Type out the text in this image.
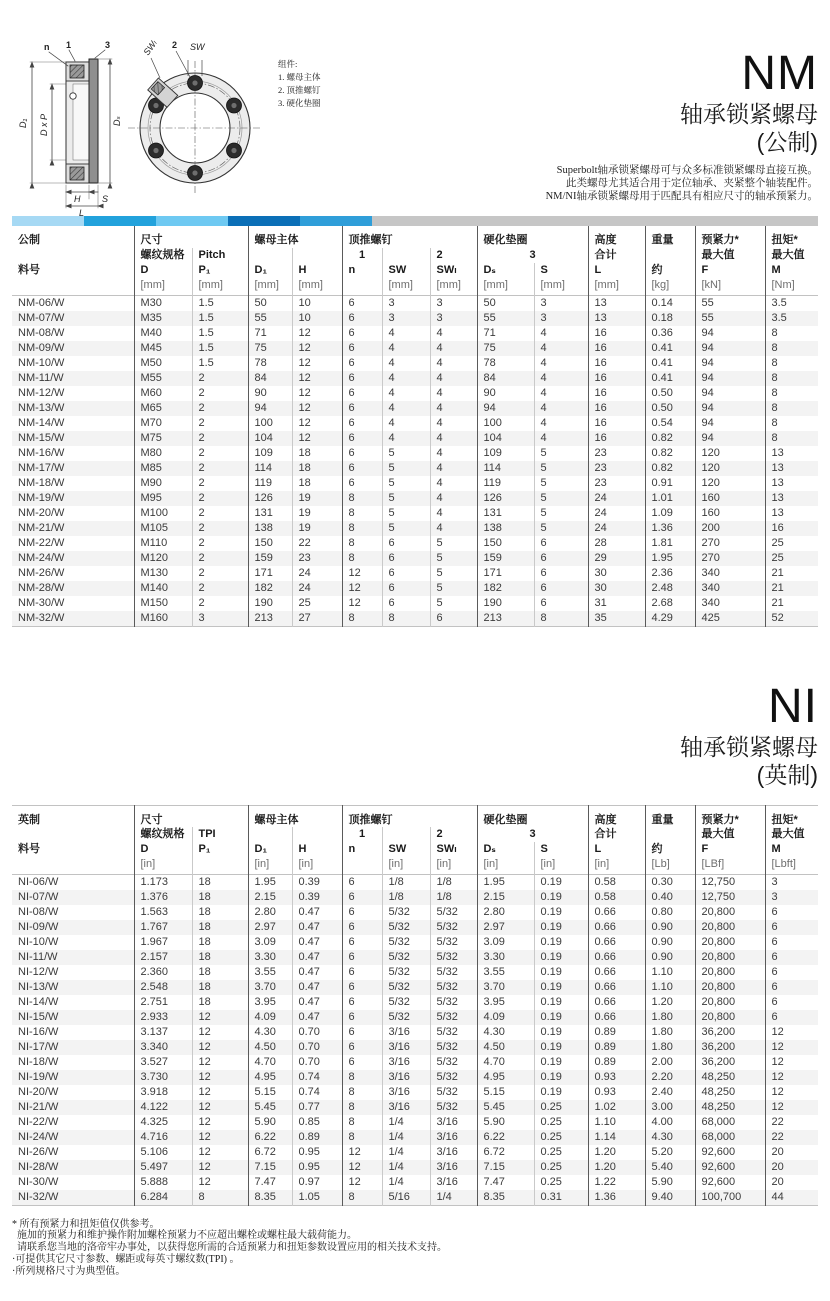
D₁ D x P	Dₛ
n 1	3
H S
L
SW
SWₗ 2
组件:
1. 螺母主体
2. 顶推螺钉
3. 硬化垫圈
NM
轴承锁紧螺母
(公制)
Superbolt轴承锁紧螺母可与众多标准锁紧螺母直接互换。
此类螺母尤其适合用于定位轴承、夹紧整个轴装配件。
NM/NI轴承锁紧螺母用于匹配具有相应尺寸的轴承预紧力。
公制	尺寸		螺母主体		顶推螺钉			硬化垫圈		高度	重量	预紧力*	扭矩*
	螺纹规格	Pitch			1		2	3		合计		最大值	最大值
料号	D	P₁	D₁	H	n	SW	SWₗ	Dₛ	S	L	约	F	M
	[mm]	[mm]	[mm]	[mm]		[mm]	[mm]	[mm]	[mm]	[mm]	[kg]	[kN]	[Nm]
NM-06/W	M30	1.5	50	10	6	3	3	50	3	13	0.14	55	3.5
NM-07/W	M35	1.5	55	10	6	3	3	55	3	13	0.18	55	3.5
NM-08/W	M40	1.5	71	12	6	4	4	71	4	16	0.36	94	8
NM-09/W	M45	1.5	75	12	6	4	4	75	4	16	0.41	94	8
NM-10/W	M50	1.5	78	12	6	4	4	78	4	16	0.41	94	8
NM-11/W	M55	2	84	12	6	4	4	84	4	16	0.41	94	8
NM-12/W	M60	2	90	12	6	4	4	90	4	16	0.50	94	8
NM-13/W	M65	2	94	12	6	4	4	94	4	16	0.50	94	8
NM-14/W	M70	2	100	12	6	4	4	100	4	16	0.54	94	8
NM-15/W	M75	2	104	12	6	4	4	104	4	16	0.82	94	8
NM-16/W	M80	2	109	18	6	5	4	109	5	23	0.82	120	13
NM-17/W	M85	2	114	18	6	5	4	114	5	23	0.82	120	13
NM-18/W	M90	2	119	18	6	5	4	119	5	23	0.91	120	13
NM-19/W	M95	2	126	19	8	5	4	126	5	24	1.01	160	13
NM-20/W	M100	2	131	19	8	5	4	131	5	24	1.09	160	13
NM-21/W	M105	2	138	19	8	5	4	138	5	24	1.36	200	16
NM-22/W	M110	2	150	22	8	6	5	150	6	28	1.81	270	25
NM-24/W	M120	2	159	23	8	6	5	159	6	29	1.95	270	25
NM-26/W	M130	2	171	24	12	6	5	171	6	30	2.36	340	21
NM-28/W	M140	2	182	24	12	6	5	182	6	30	2.48	340	21
NM-30/W	M150	2	190	25	12	6	5	190	6	31	2.68	340	21
NM-32/W	M160	3	213	27	8	8	6	213	8	35	4.29	425	52
NI
轴承锁紧螺母
(英制)
英制	尺寸		螺母主体		顶推螺钉			硬化垫圈		高度	重量	预紧力*	扭矩*
	螺纹规格	TPI			1		2	3		合计		最大值	最大值
料号	D	P₁	D₁	H	n	SW	SWₗ	Dₛ	S	L	约	F	M
	[in]		[in]	[in]		[in]	[in]	[in]	[in]	[in]	[Lb]	[LBf]	[Lbft]
NI-06/W	1.173	18	1.95	0.39	6	1/8	1/8	1.95	0.19	0.58	0.30	12,750	3
NI-07/W	1.376	18	2.15	0.39	6	1/8	1/8	2.15	0.19	0.58	0.40	12,750	3
NI-08/W	1.563	18	2.80	0.47	6	5/32	5/32	2.80	0.19	0.66	0.80	20,800	6
NI-09/W	1.767	18	2.97	0.47	6	5/32	5/32	2.97	0.19	0.66	0.90	20,800	6
NI-10/W	1.967	18	3.09	0.47	6	5/32	5/32	3.09	0.19	0.66	0.90	20,800	6
NI-11/W	2.157	18	3.30	0.47	6	5/32	5/32	3.30	0.19	0.66	0.90	20,800	6
NI-12/W	2.360	18	3.55	0.47	6	5/32	5/32	3.55	0.19	0.66	1.10	20,800	6
NI-13/W	2.548	18	3.70	0.47	6	5/32	5/32	3.70	0.19	0.66	1.10	20,800	6
NI-14/W	2.751	18	3.95	0.47	6	5/32	5/32	3.95	0.19	0.66	1.20	20,800	6
NI-15/W	2.933	12	4.09	0.47	6	5/32	5/32	4.09	0.19	0.66	1.80	20,800	6
NI-16/W	3.137	12	4.30	0.70	6	3/16	5/32	4.30	0.19	0.89	1.80	36,200	12
NI-17/W	3.340	12	4.50	0.70	6	3/16	5/32	4.50	0.19	0.89	1.80	36,200	12
NI-18/W	3.527	12	4.70	0.70	6	3/16	5/32	4.70	0.19	0.89	2.00	36,200	12
NI-19/W	3.730	12	4.95	0.74	8	3/16	5/32	4.95	0.19	0.93	2.20	48,250	12
NI-20/W	3.918	12	5.15	0.74	8	3/16	5/32	5.15	0.19	0.93	2.40	48,250	12
NI-21/W	4.122	12	5.45	0.77	8	3/16	5/32	5.45	0.25	1.02	3.00	48,250	12
NI-22/W	4.325	12	5.90	0.85	8	1/4	3/16	5.90	0.25	1.10	4.00	68,000	22
NI-24/W	4.716	12	6.22	0.89	8	1/4	3/16	6.22	0.25	1.14	4.30	68,000	22
NI-26/W	5.106	12	6.72	0.95	12	1/4	3/16	6.72	0.25	1.20	5.20	92,600	20
NI-28/W	5.497	12	7.15	0.95	12	1/4	3/16	7.15	0.25	1.20	5.40	92,600	20
NI-30/W	5.888	12	7.47	0.97	12	1/4	3/16	7.47	0.25	1.22	5.90	92,600	20
NI-32/W	6.284	8	8.35	1.05	8	5/16	1/4	8.35	0.31	1.36	9.40	100,700	44
* 所有预紧力和扭矩值仅供参考。
施加的预紧力和维护操作附加螺栓预紧力不应超出螺栓或螺柱最大载荷能力。
请联系您当地的洛帝牢办事处，以获得您所需的合适预紧力和扭矩参数设置应用的相关技术支持。
·可提供其它尺寸参数、螺距或每英寸螺纹数(TPI) 。
·所列规格尺寸为典型值。
